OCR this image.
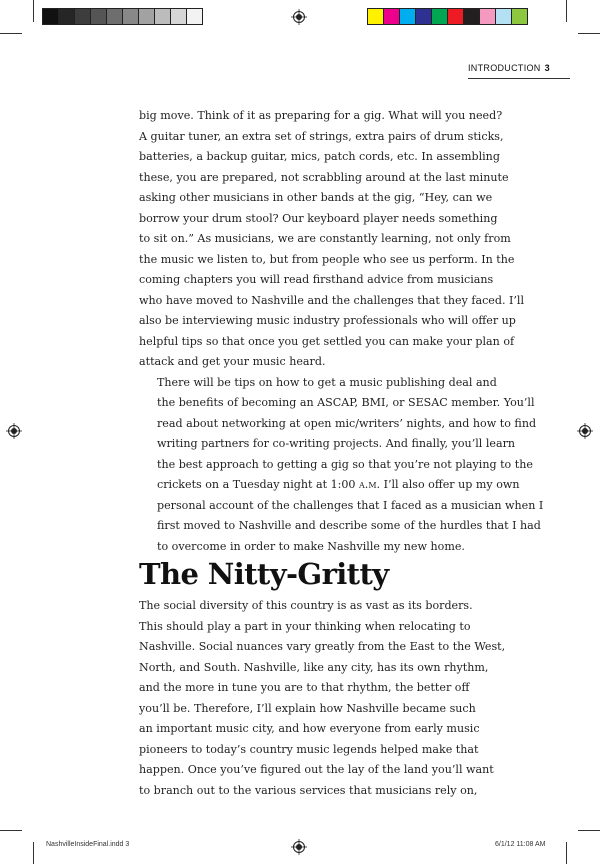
INTRODUCTION 3

big move. Think of it as preparing for a gig. What will you need?
A guitar tuner, an extra set of strings, extra pairs of drum sticks,
batteries, a backup guitar, mics, patch cords, etc. In assembling
these, you are prepared, not scrabbling around at the last minute
asking other musicians in other bands at the gig, “Hey, can we
borrow your drum stool? Our keyboard player needs something
to sit on.” As musicians, we are constantly learning, not only from
the music we listen to, but from people who see us perform. In the
coming chapters you will read firsthand advice from musicians
who have moved to Nashville and the challenges that they faced. I’ll
also be interviewing music industry professionals who will offer up
helpful tips so that once you get settled you can make your plan of
attack and get your music heard.

There will be tips on how to get a music publishing deal and
the benefits of becoming an ASCAP, BMI, or SESAC member. You’ll
read about networking at open mic/writers’ nights, and how to find
writing partners for co-writing projects. And finally, you’ll learn
the best approach to getting a gig so that you’re not playing to the
crickets on a Tuesday night at 1:00 a.m. I’ll also offer up my own
personal account of the challenges that I faced as a musician when I
first moved to Nashville and describe some of the hurdles that I had
to overcome in order to make Nashville my new home.

The Nitty-Gritty

The social diversity of this country is as vast as its borders.
This should play a part in your thinking when relocating to
Nashville. Social nuances vary greatly from the East to the West,
North, and South. Nashville, like any city, has its own rhythm,
and the more in tune you are to that rhythm, the better off
you’ll be. Therefore, I’ll explain how Nashville became such
an important music city, and how everyone from early music
pioneers to today’s country music legends helped make that
happen. Once you’ve figured out the lay of the land you’ll want
to branch out to the various services that musicians rely on,

NashvilleInsideFinal.indd 3	6/1/12 11:08 AM
